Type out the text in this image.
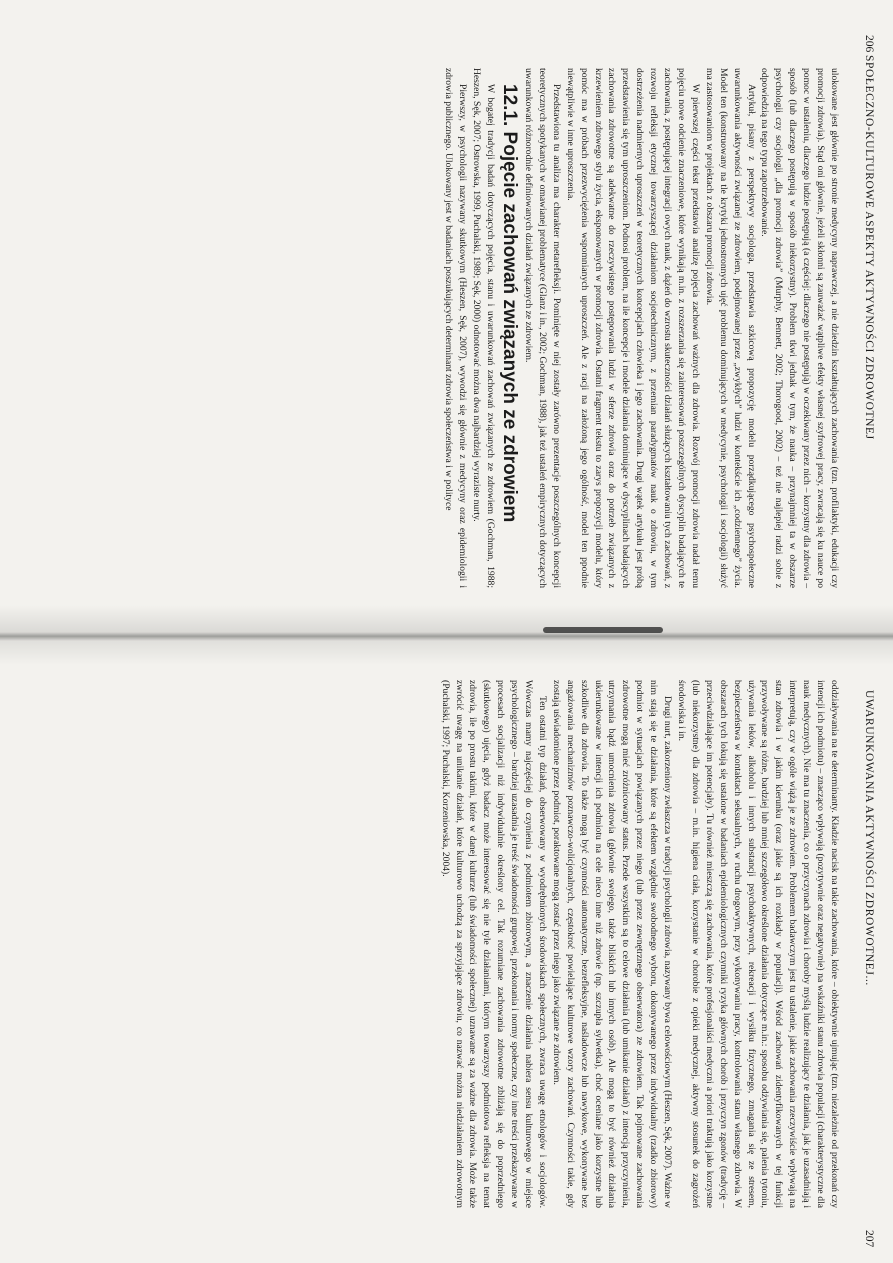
206
SPOŁECZNO-KULTUROWE ASPEKTY AKTYWNOŚCI ZDROWOTNEJ

ulokowane jest głównie po stronie medycyny naprawczej, a nie dziedzin kształtujących zachowania (tzn. profilaktyki, edukacji czy promocji zdrowia). Stąd oni głównie, jeżeli skłonni są zauważać wątpliwe efekty własnej szyfrowej pracy, zwracają się ku nauce po pomoc w ustaleniu, dlaczego ludzie postępują (a częściej: dlaczego nie postępują) w oczekiwany przez nich – korzystny dla zdrowia – sposób (lub dlaczego postępują w sposób niekorzystny). Problem tkwi jednak w tym, że nauka – przynajmniej ta w obszarze psychologii czy socjologii „dla promocji zdrowia” (Murphy, Bennett, 2002; Thorogood, 2002) – też nie najlepiej radzi sobie z odpowiedzią na tego typu zapotrzebowanie.

Artykuł, pisany z perspektywy socjologa, przedstawia szkicową propozycję modelu porządkującego psychospołeczne uwarunkowania aktywności związanej ze zdrowiem, podejmowanej przez „zwykłych” ludzi w kontekście ich „codziennego” życia. Model ten (konstruowany na tle krytyki jednostronnych ujęć problemu dominujących w medycynie, psychologii i socjologii) służyć ma zastosowaniom w projektach z obszaru promocji zdrowia.

W pierwszej części tekst przedstawia analizę pojęcia zachowań ważnych dla zdrowia. Rozwój promocji zdrowia nadał temu pojęciu nowe odcienie znaczeniowe, które wynikają m.in. z rozszerzania się zainteresowań poszczególnych dyscyplin badających te zachowania, z postępującej integracji owych nauk, z dążeń do wzrostu skuteczności działań służących kształtowaniu tych zachowań, z rozwoju refleksji etycznej towarzyszącej działaniom socjotechnicznym, z przemian paradygmatów nauk o zdrowiu, w tym dostrzeżenia nadmiernych uproszczeń w teoretycznych koncepcjach człowieka i jego zachowania. Drugi wątek artykułu jest próbą przedstawienia się tym uproszczeniom. Podnosi problem, na ile koncepcje i modele działania dominujące w dyscyplinach badających zachowania zdrowotne są adekwatne do rzeczywistego postępowania ludzi w sferze zdrowia oraz do potrzeb związanych z krzewieniem zdrowego stylu życia, eksponowanych w promocji zdrowia. Ostatni fragment tekstu to zarys propozycji modelu, który pomóc ma w próbach przezwyciężenia wspomnianych uproszczeń. Ale z racji na założoną jego ogólność, model ten ppodnie niewątpliwie w inne uproszczenia.

Przedstawiona tu analiza ma charakter metarefleksji. Pominięte w niej zostały zarówno prezentacje poszczególnych koncepcji teoretycznych spotykanych w omawianej problematyce (Glanz i in., 2002; Gochman, 1988), jak też ustaleń empirycznych dotyczących uwarunkowań różnorodnie definiowanych działań związanych ze zdrowiem.

12.1. Pojęcie zachowań związanych ze zdrowiem

W bogatej tradycji badań dotyczących pojęcia, stanu i uwarunkowań zachowań związanych ze zdrowiem (Gochman, 1988; Heszen, Sęk, 2007; Ostrowska, 1999, Puchalski, 1989; Sęk, 2000) odnotować można dwa najbardziej wyraziste nurty.

Pierwszy, w psychologii nazywany skutkowym (Heszen, Sęk, 2007), wywodzi się głównie z medycyny oraz epidemiologii i zdrowia publicznego. Ulokowany jest w badaniach poszukujących determinant zdrowia społeczeństwa i w polityce

UWARUNKOWANIA AKTYWNOŚCI ZDROWOTNEJ...
207

oddziaływania na te determinanty. Kładzie nacisk na takie zachowania, które – obiektywnie ujmując (tzn. niezależnie od przekonań czy intencji ich podmiotu) – znacząco wpływają (pozytywnie oraz negatywnie) na wskaźniki stanu zdrowia populacji (charakterystyczne dla nauk medycznych). Nie ma tu znaczenia, co o przyczynach zdrowia i choroby myślą ludzie realizujący te działania, jak je uzasadniają i interpretują, czy w ogóle wiążą je ze zdrowiem. Problemem badawczym jest tu ustalenie, jakie zachowania rzeczywiście wpływają na stan zdrowia i w jakim kierunku (oraz jakie są ich rozkłady w populacji). Wśród zachowań zidentyfikowanych w tej funkcji przywoływane są różne, bardziej lub mniej szczegółowo określone działania dotyczące m.in.: sposobu odżywiania się, palenia tytoniu, używania leków, alkoholu i innych substancji psychoaktywnych, rekreacji i wysiłku fizycznego, zmagania się ze stresem, bezpieczeństwa w kontaktach seksualnych, w ruchu drogowym, przy wykonywaniu pracy, kontrolowania stanu własnego zdrowia. W obszarach tych lokują się ustalone w badaniach epidemiologicznych czynniki ryzyka głównych chorób i przyczyn zgonów (tradycję – przeciwdziałające im potencjały). Tu również mieszczą się zachowania, które profesjonaliści medyczni a priori traktują jako korzystne (lub niekorzystne) dla zdrowia – m.in. higiena ciała, korzystanie w chorobie z opieki medycznej, aktywny stosunek do zagrożeń środowiska i in.

Drugi nurt, zakorzeniony zwłaszcza w tradycji psychologii zdrowia, nazywany bywa celowościowym (Heszen, Sęk, 2007). Ważne w nim stają się te działania, które są efektem względnie swobodnego wyboru, dokonywanego przez indywidualny (rzadko zbiorowy) podmiot w sytuacjach powiązanych przez niego (lub przez zewnętrznego obserwatora) ze zdrowiem. Tak pojmowane zachowania zdrowotne mogą mieć zróżnicowany status. Przede wszystkim są to celowe działania (lub umikanie działań) z intencją przyczynienia, utrzymania bądź umocnienia zdrowia (głównie swojego, także bliskich lub innych osób). Ale mogą to być również działania ukierunkowane w intencji ich podmiotu na cele nieco inne niż zdrowie (np. szczupła sylwetka), choć oceniane jako korzystne lub szkodliwe dla zdrowia. To także mogą być czynności automatyczne, bezrefleksyjne, naśladowcze lub nawykowe, wykonywane bez angażowania mechanizmów poznawczo-wolicjonalnych, częstokroć powielające kulturowe wzory zachowań. Czynności takie, gdy zostają uświadomione przez podmiot, poraktowane mogą zostać przez niego jako związane ze zdrowiem.

Ten ostatni typ działań, obserwowany w wyodrębnionych środowiskach społecznych, zwraca uwagę etnologów i socjologów. Wówczas mamy najczęściej do czynienia z podmiotem zbiorowym, a znaczenie działania nabiera sensu kulturowego w miejsce psychologicznego – bardziej uzasadnia je treść świadomości grupowej, przekonania i normy społeczne, czy inne treści przekazywane w procesach socjalizacji niż indywidualnie określony cel. Tak rozumiane zachowania zdrowotne zbliżają się do poprzedniego (skutkowego) ujęcia, gdyż badacz może interesować się nie tyle działaniami, którym towarzyszy podmiotowa refleksja na temat zdrowia, ile po prostu takimi, które w danej kulturze (lub świadomości społecznej) uznawane są za ważne dla zdrowia. Może także zwrócić uwagę na unikanie działań, które kulturowo uchodzą za sprzyjające zdrowiu, co nazwać można niedziałaniem zdrowotnym (Puchalski, 1997; Puchalski, Korzeniowska, 2004).
